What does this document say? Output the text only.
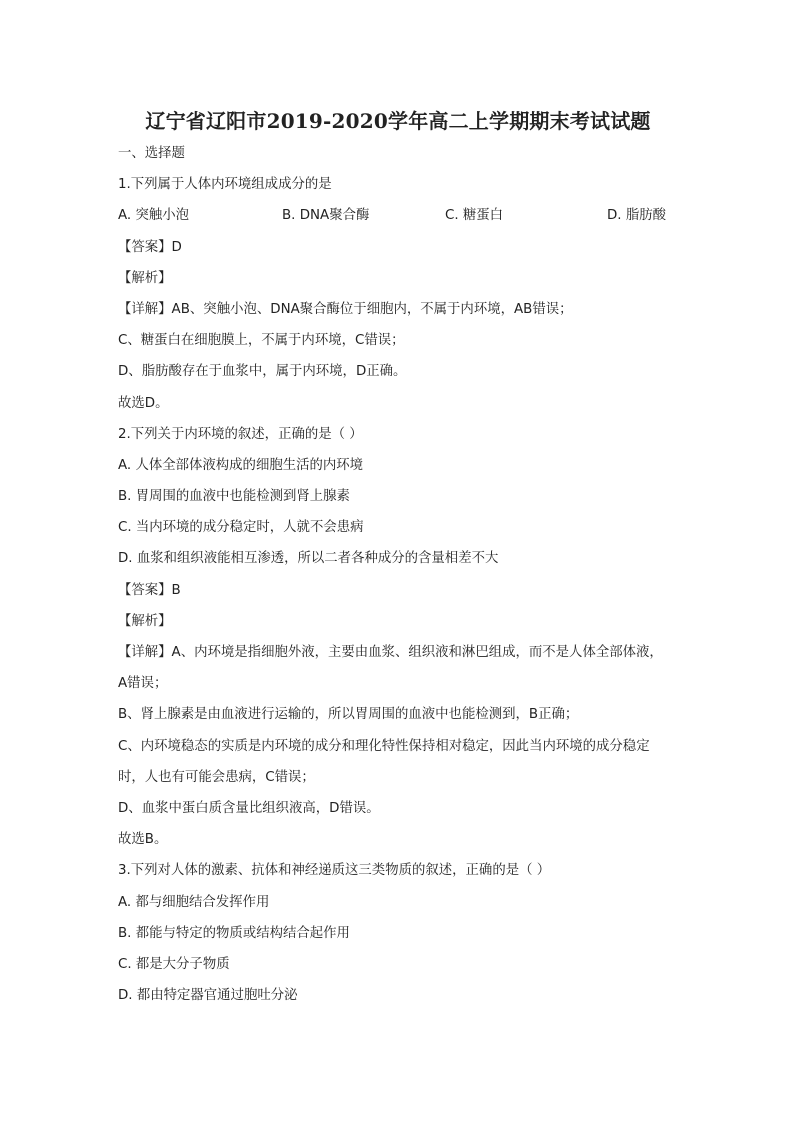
辽宁省辽阳市2019-2020学年高二上学期期末考试试题
一、选择题
1.下列属于人体内环境组成成分的是
A. 突触小泡	B. DNA聚合酶	C. 糖蛋白	D. 脂肪酸
【答案】D
【解析】
【详解】AB、突触小泡、DNA聚合酶位于细胞内，不属于内环境，AB错误；
C、糖蛋白在细胞膜上，不属于内环境，C错误；
D、脂肪酸存在于血浆中，属于内环境，D正确。
故选D。
2.下列关于内环境的叙述，正确的是（ ）
A. 人体全部体液构成的细胞生活的内环境
B. 胃周围的血液中也能检测到肾上腺素
C. 当内环境的成分稳定时，人就不会患病
D. 血浆和组织液能相互渗透，所以二者各种成分的含量相差不大
【答案】B
【解析】
【详解】A、内环境是指细胞外液，主要由血浆、组织液和淋巴组成，而不是人体全部体液，
A错误；
B、肾上腺素是由血液进行运输的，所以胃周围的血液中也能检测到，B正确；
C、内环境稳态的实质是内环境的成分和理化特性保持相对稳定，因此当内环境的成分稳定
时，人也有可能会患病，C错误；
D、血浆中蛋白质含量比组织液高，D错误。
故选B。
3.下列对人体的激素、抗体和神经递质这三类物质的叙述，正确的是（ ）
A. 都与细胞结合发挥作用
B. 都能与特定的物质或结构结合起作用
C. 都是大分子物质
D. 都由特定器官通过胞吐分泌
